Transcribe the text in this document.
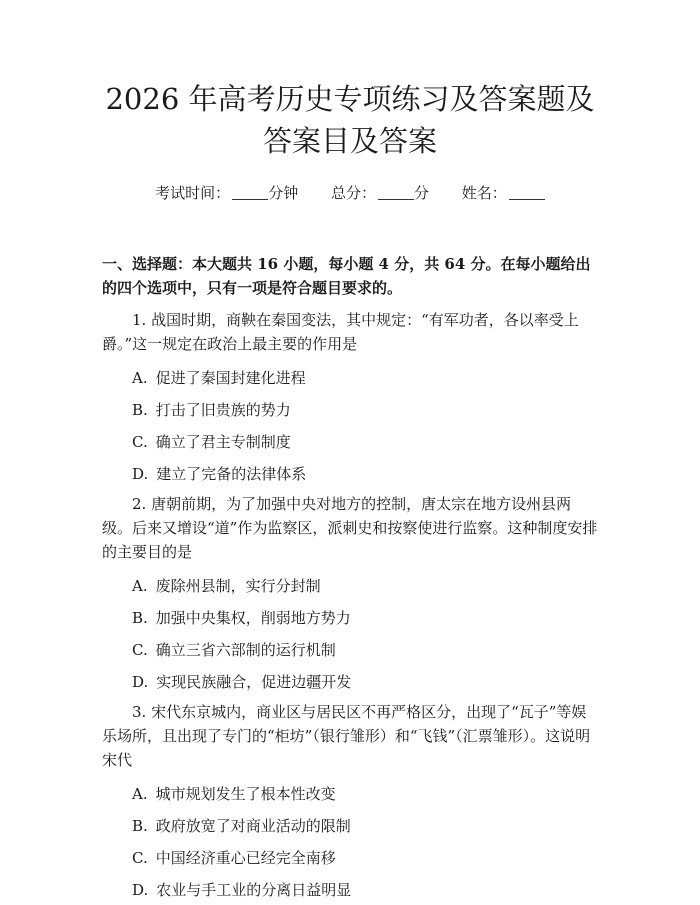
2026 年高考历史专项练习及答案题及答案目及答案
考试时间：	分钟 总分：	分 姓名：
一、选择题：本大题共 16 小题，每小题 4 分，共 64 分。在每小题给出的四个选项中，只有一项是符合题目要求的。
1. 战国时期，商鞅在秦国变法，其中规定：“有军功者，各以率受上爵。”这一规定在政治上最主要的作用是
A. 促进了秦国封建化进程
B. 打击了旧贵族的势力
C. 确立了君主专制制度
D. 建立了完备的法律体系
2. 唐朝前期，为了加强中央对地方的控制，唐太宗在地方设州县两级。后来又增设“道”作为监察区，派刺史和按察使进行监察。这种制度安排的主要目的是
A. 废除州县制，实行分封制
B. 加强中央集权，削弱地方势力
C. 确立三省六部制的运行机制
D. 实现民族融合，促进边疆开发
3. 宋代东京城内，商业区与居民区不再严格区分，出现了“瓦子”等娱乐场所，且出现了专门的“柜坊”（银行雏形）和“飞钱”（汇票雏形）。这说明宋代
A. 城市规划发生了根本性改变
B. 政府放宽了对商业活动的限制
C. 中国经济重心已经完全南移
D. 农业与手工业的分离日益明显
